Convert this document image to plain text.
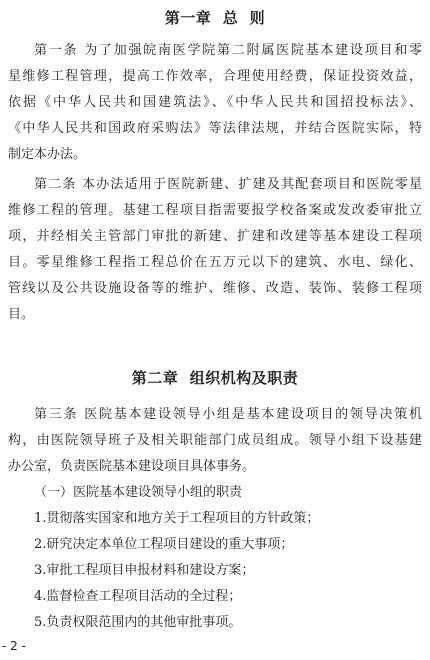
第一章  总  则
第一条 为了加强皖南医学院第二附属医院基本建设项目和零
星维修工程管理，提高工作效率，合理使用经费，保证投资效益，
依据《中华人民共和国建筑法》、《中华人民共和国招投标法》、
《中华人民共和国政府采购法》等法律法规，并结合医院实际，特
制定本办法。
第二条 本办法适用于医院新建、扩建及其配套项目和医院零星
维修工程的管理。基建工程项目指需要报学校备案或发改委审批立
项，并经相关主管部门审批的新建、扩建和改建等基本建设工程项
目。零星维修工程指工程总价在五万元以下的建筑、水电、绿化、
管线以及公共设施设备等的维护、维修、改造、装饰、装修工程项
目。
第二章  组织机构及职责
第三条 医院基本建设领导小组是基本建设项目的领导决策机
构，由医院领导班子及相关职能部门成员组成。领导小组下设基建
办公室，负责医院基本建设项目具体事务。
（一）医院基本建设领导小组的职责
1.贯彻落实国家和地方关于工程项目的方针政策；
2.研究决定本单位工程项目建设的重大事项；
3.审批工程项目申报材料和建设方案；
4.监督检查工程项目活动的全过程；
5.负责权限范围内的其他审批事项。
- 2 -
